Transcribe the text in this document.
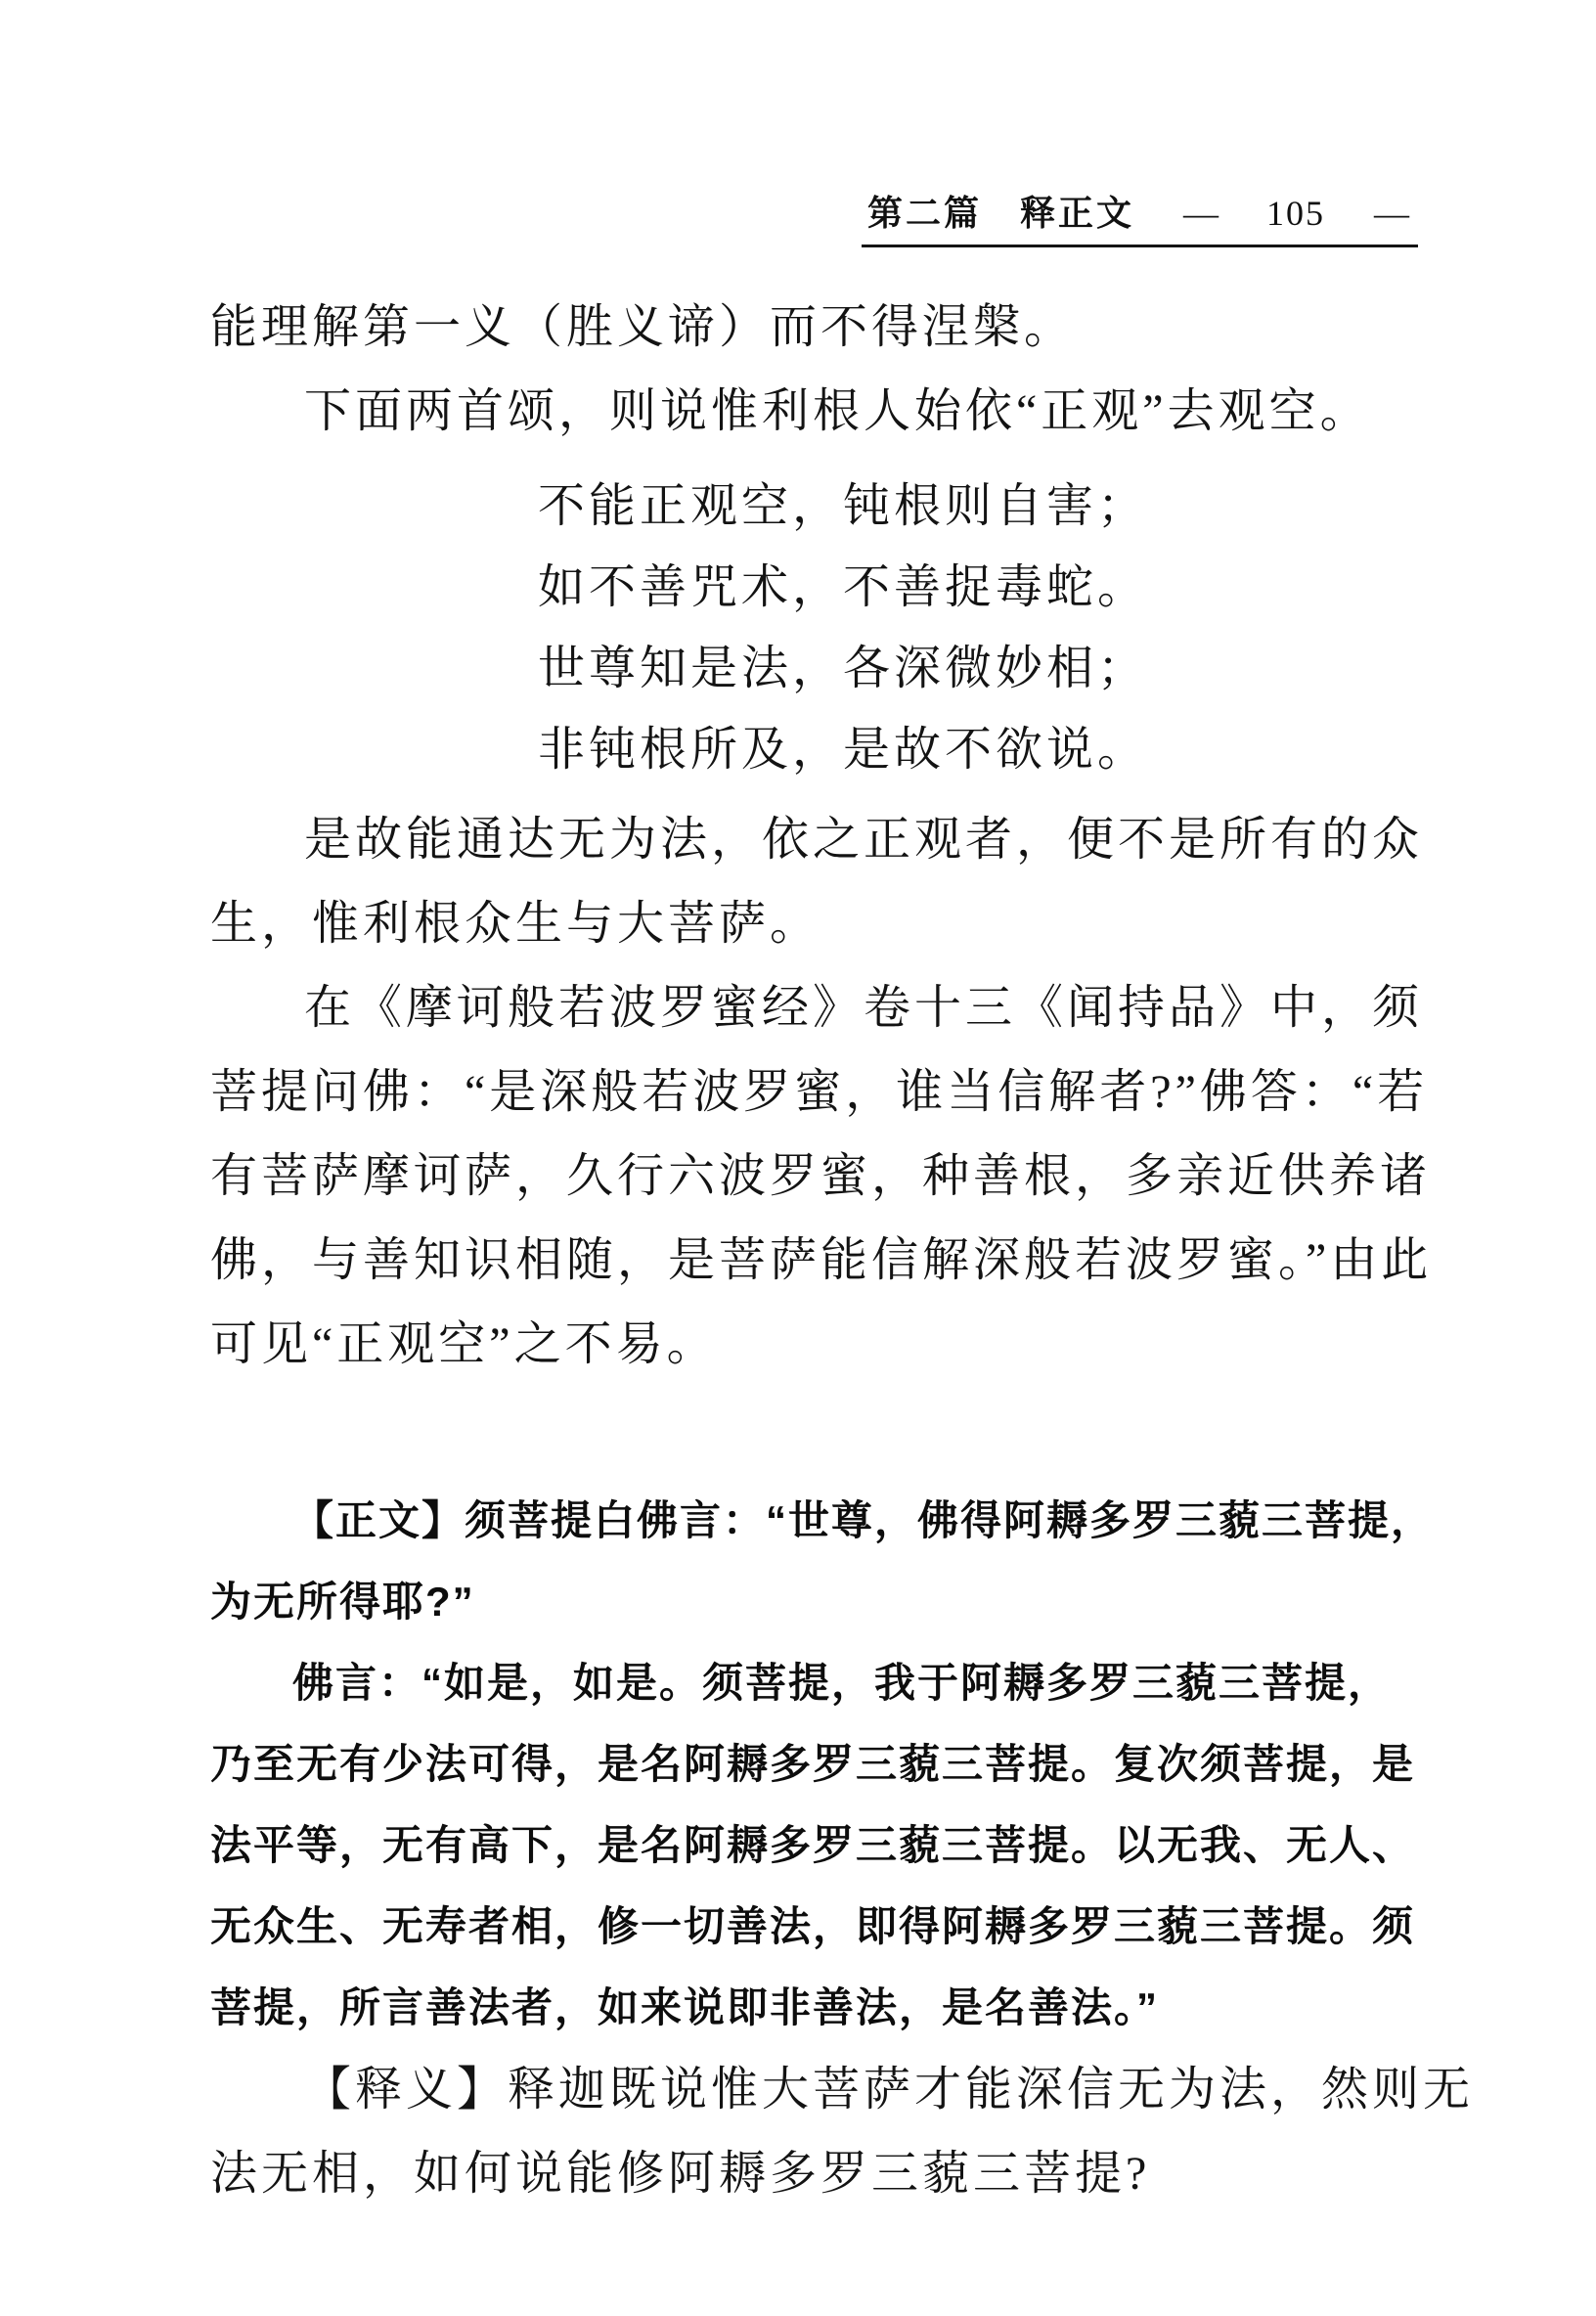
第二篇　释正文 — 105 —
能理解第一义（胜义谛）而不得涅槃。
下面两首颂，则说惟利根人始依“正观”去观空。
不能正观空，钝根则自害；
如不善咒术，不善捉毒蛇。
世尊知是法，各深微妙相；
非钝根所及，是故不欲说。
是故能通达无为法，依之正观者，便不是所有的众
生，惟利根众生与大菩萨。
在《摩诃般若波罗蜜经》卷十三《闻持品》中，须
菩提问佛：“是深般若波罗蜜，谁当信解者?”佛答：“若
有菩萨摩诃萨，久行六波罗蜜，种善根，多亲近供养诸
佛，与善知识相随，是菩萨能信解深般若波罗蜜。”由此
可见“正观空”之不易。
【正文】须菩提白佛言：“世尊，佛得阿耨多罗三藐三菩提，
为无所得耶?”
佛言：“如是，如是。须菩提，我于阿耨多罗三藐三菩提，
乃至无有少法可得，是名阿耨多罗三藐三菩提。复次须菩提，是
法平等，无有高下，是名阿耨多罗三藐三菩提。以无我、无人、
无众生、无寿者相，修一切善法，即得阿耨多罗三藐三菩提。须
菩提，所言善法者，如来说即非善法，是名善法。”
【释义】释迦既说惟大菩萨才能深信无为法，然则无
法无相，如何说能修阿耨多罗三藐三菩提?
